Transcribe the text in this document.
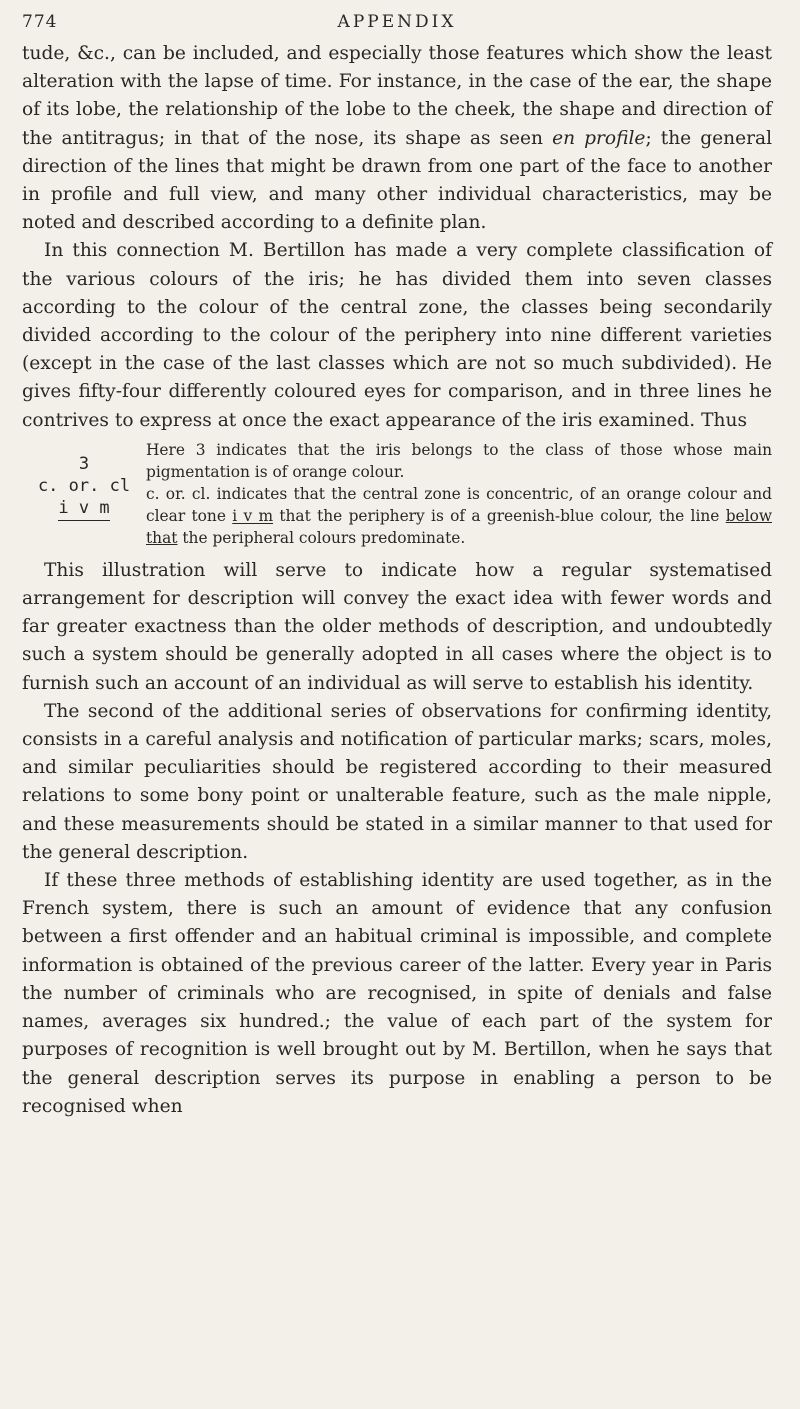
774	APPENDIX

tude, &c., can be included, and especially those features which show the least alteration with the lapse of time. For instance, in the case of the ear, the shape of its lobe, the relationship of the lobe to the cheek, the shape and direction of the antitragus; in that of the nose, its shape as seen en profile; the general direction of the lines that might be drawn from one part of the face to another in profile and full view, and many other individual characteristics, may be noted and described according to a definite plan.

In this connection M. Bertillon has made a very complete classification of the various colours of the iris; he has divided them into seven classes according to the colour of the central zone, the classes being secondarily divided according to the colour of the periphery into nine different varieties (except in the case of the last classes which are not so much subdivided). He gives fifty-four differently coloured eyes for comparison, and in three lines he contrives to express at once the exact appearance of the iris examined. Thus

3
c. or. cl
i v m
Here 3 indicates that the iris belongs to the class of those whose main pigmentation is of orange colour.
c. or. cl. indicates that the central zone is concentric, of an orange colour and clear tone i v m that the periphery is of a greenish-blue colour, the line below that the peripheral colours predominate.

This illustration will serve to indicate how a regular systematised arrangement for description will convey the exact idea with fewer words and far greater exactness than the older methods of description, and undoubtedly such a system should be generally adopted in all cases where the object is to furnish such an account of an individual as will serve to establish his identity.

The second of the additional series of observations for confirming identity, consists in a careful analysis and notification of particular marks; scars, moles, and similar peculiarities should be registered according to their measured relations to some bony point or unalterable feature, such as the male nipple, and these measurements should be stated in a similar manner to that used for the general description.

If these three methods of establishing identity are used together, as in the French system, there is such an amount of evidence that any confusion between a first offender and an habitual criminal is impossible, and complete information is obtained of the previous career of the latter. Every year in Paris the number of criminals who are recognised, in spite of denials and false names, averages six hundred.; the value of each part of the system for purposes of recognition is well brought out by M. Bertillon, when he says that the general description serves its purpose in enabling a person to be recognised when
